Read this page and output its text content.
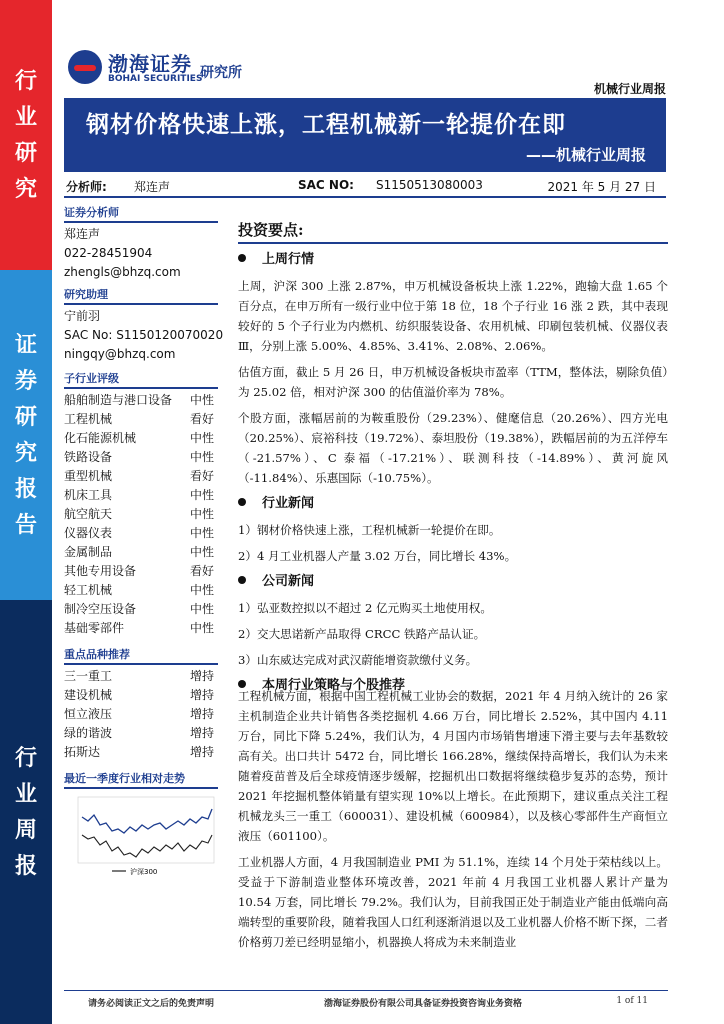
行
业
研
究
证
券
研
究
报
告
行
业
周
报
渤海证券
BOHAI SECURITIES
研究所
机械行业周报
钢材价格快速上涨，工程机械新一轮提价在即
——机械行业周报
分析师: 郑连声	SAC NO: S1150513080003	2021 年 5 月 27 日
证券分析师
郑连声
022-28451904
zhengls@bhzq.com
研究助理
宁前羽
SAC No: S1150120070020
ningqy@bhzq.com
子行业评级
船舶制造与港口设备	中性
工程机械	看好
化石能源机械	中性
铁路设备	中性
重型机械	看好
机床工具	中性
航空航天	中性
仪器仪表	中性
金属制品	中性
其他专用设备	看好
轻工机械	中性
制冷空压设备	中性
基础零部件	中性
重点品种推荐
三一重工	增持
建设机械	增持
恒立液压	增持
绿的谐波	增持
拓斯达	增持
最近一季度行业相对走势
沪深300
投资要点:
上周行情
上周，沪深 300 上涨 2.87%，申万机械设备板块上涨 1.22%，跑输大盘 1.65 个百分点，在申万所有一级行业中位于第 18 位，18 个子行业 16 涨 2 跌，其中表现较好的 5 个子行业为内燃机、纺织服装设备、农用机械、印刷包装机械、仪器仪表Ⅲ，分别上涨 5.00%、4.85%、3.41%、2.08%、2.06%。
估值方面，截止 5 月 26 日，申万机械设备板块市盈率（TTM，整体法，剔除负值）为 25.02 倍，相对沪深 300 的估值溢价率为 78%。
个股方面，涨幅居前的为鞍重股份（29.23%）、健麾信息（20.26%）、四方光电（20.25%）、宸裕科技（19.72%）、泰坦股份（19.38%），跌幅居前的为五洋停车（-21.57%）、C 泰福（-17.21%）、联测科技（-14.89%）、黄河旋风（-11.84%）、乐惠国际（-10.75%）。
行业新闻
1）钢材价格快速上涨，工程机械新一轮提价在即。
2）4 月工业机器人产量 3.02 万台，同比增长 43%。
公司新闻
1）弘亚数控拟以不超过 2 亿元购买土地使用权。
2）交大思诺新产品取得 CRCC 铁路产品认证。
3）山东威达完成对武汉蔚能增资款缴付义务。
本周行业策略与个股推荐
工程机械方面，根据中国工程机械工业协会的数据，2021 年 4 月纳入统计的 26 家主机制造企业共计销售各类挖掘机 4.66 万台，同比增长 2.52%，其中国内 4.11 万台，同比下降 5.24%，我们认为，4 月国内市场销售增速下滑主要与去年基数较高有关。出口共计 5472 台，同比增长 166.28%，继续保持高增长，我们认为未来随着疫苗普及后全球疫情逐步缓解，挖掘机出口数据将继续稳步复苏的态势，预计 2021 年挖掘机整体销量有望实现 10%以上增长。在此预期下，建议重点关注工程机械龙头三一重工（600031）、建设机械（600984），以及核心零部件生产商恒立液压（601100）。
工业机器人方面，4 月我国制造业 PMI 为 51.1%，连续 14 个月处于荣枯线以上。受益于下游制造业整体环境改善，2021 年前 4 月我国工业机器人累计产量为 10.54 万套，同比增长 79.2%。我们认为，目前我国正处于制造业产能由低端向高端转型的重要阶段，随着我国人口红利逐渐消退以及工业机器人价格不断下探，二者价格剪刀差已经明显缩小，机器换人将成为未来制造业
请务必阅读正文之后的免责声明	渤海证券股份有限公司具备证券投资咨询业务资格	1 of 11
